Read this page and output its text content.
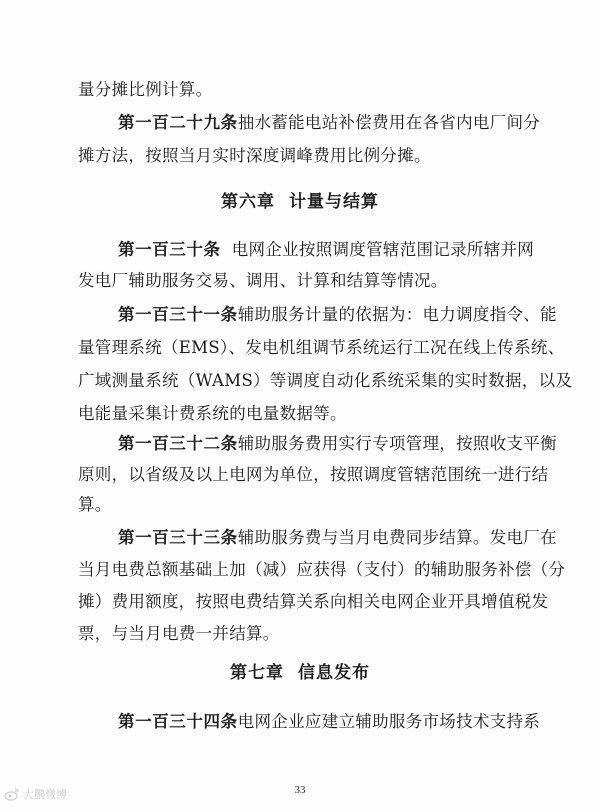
量分摊比例计算。
第一百二十九条抽水蓄能电站补偿费用在各省内电厂间分
摊方法，按照当月实时深度调峰费用比例分摊。
第六章 计量与结算
第一百三十条  电网企业按照调度管辖范围记录所辖并网
发电厂辅助服务交易、调用、计算和结算等情况。
第一百三十一条辅助服务计量的依据为：电力调度指令、能
量管理系统（EMS）、发电机组调节系统运行工况在线上传系统、
广域测量系统（WAMS）等调度自动化系统采集的实时数据，以及
电能量采集计费系统的电量数据等。
第一百三十二条辅助服务费用实行专项管理，按照收支平衡
原则，以省级及以上电网为单位，按照调度管辖范围统一进行结
算。
第一百三十三条辅助服务费与当月电费同步结算。发电厂在
当月电费总额基础上加（减）应获得（支付）的辅助服务补偿（分
摊）费用额度，按照电费结算关系向相关电网企业开具增值税发
票，与当月电费一并结算。
第七章 信息发布
第一百三十四条电网企业应建立辅助服务市场技术支持系
33
大鹏微博
